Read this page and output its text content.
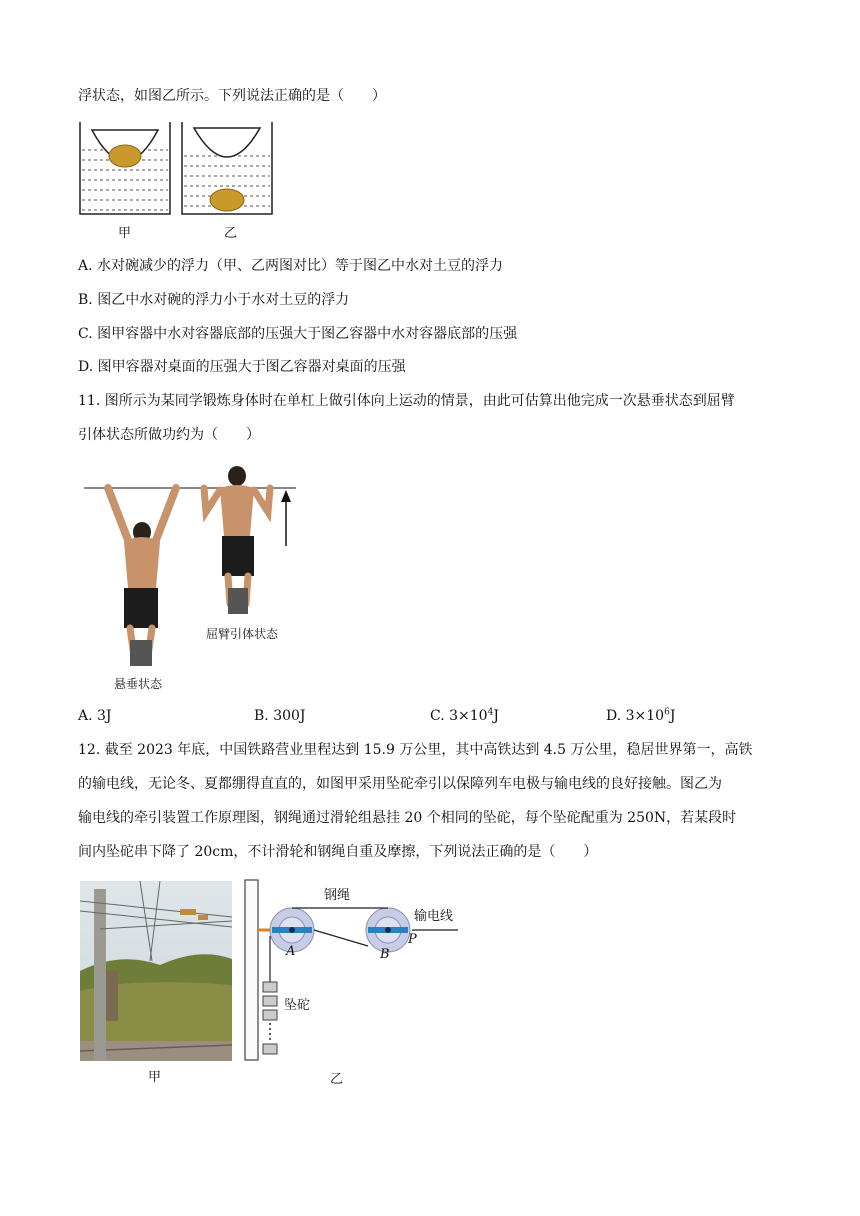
浮状态，如图乙所示。下列说法正确的是（　　）
甲	乙
A. 水对碗减少的浮力（甲、乙两图对比）等于图乙中水对土豆的浮力
B. 图乙中水对碗的浮力小于水对土豆的浮力
C. 图甲容器中水对容器底部的压强大于图乙容器中水对容器底部的压强
D. 图甲容器对桌面的压强大于图乙容器对桌面的压强
11. 图所示为某同学锻炼身体时在单杠上做引体向上运动的情景，由此可估算出他完成一次悬垂状态到屈臂
引体状态所做功约为（　　）
屈臂引体状态
悬垂状态
A. 3J	B. 300J	C. $3\times 10^4J$	D. $3\times 10^6J$
12. 截至 2023 年底，中国铁路营业里程达到 15.9 万公里，其中高铁达到 4.5 万公里，稳居世界第一，高铁
的输电线，无论冬、夏都绷得直直的，如图甲采用坠砣牵引以保障列车电极与输电线的良好接触。图乙为
输电线的牵引装置工作原理图，钢绳通过滑轮组悬挂 20 个相同的坠砣，每个坠砣配重为 250N，若某段时
间内坠砣串下降了 20cm，不计滑轮和钢绳自重及摩擦，下列说法正确的是（　　）
甲
钢绳
输电线
坠砣
A	B
P
乙
